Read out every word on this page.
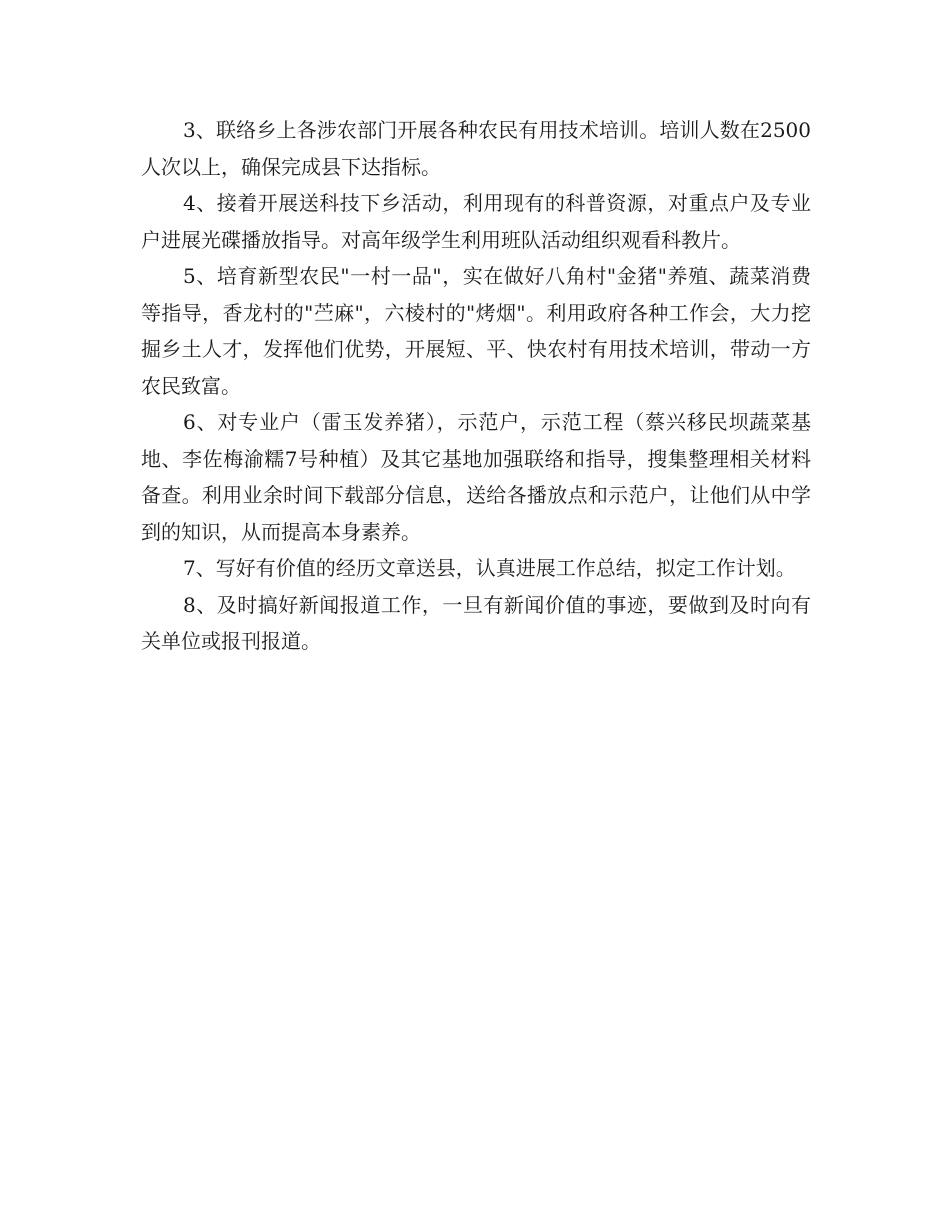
3、联络乡上各涉农部门开展各种农民有用技术培训。培训人数在2500人次以上，确保完成县下达指标。

4、接着开展送科技下乡活动，利用现有的科普资源，对重点户及专业户进展光碟播放指导。对高年级学生利用班队活动组织观看科教片。

5、培育新型农民"一村一品"，实在做好八角村"金猪"养殖、蔬菜消费等指导，香龙村的"苎麻"，六棱村的"烤烟"。利用政府各种工作会，大力挖掘乡土人才，发挥他们优势，开展短、平、快农村有用技术培训，带动一方农民致富。

6、对专业户（雷玉发养猪），示范户，示范工程（蔡兴移民坝蔬菜基地、李佐梅渝糯7号种植）及其它基地加强联络和指导，搜集整理相关材料备查。利用业余时间下载部分信息，送给各播放点和示范户，让他们从中学到的知识，从而提高本身素养。

7、写好有价值的经历文章送县，认真进展工作总结，拟定工作计划。

8、及时搞好新闻报道工作，一旦有新闻价值的事迹，要做到及时向有关单位或报刊报道。
